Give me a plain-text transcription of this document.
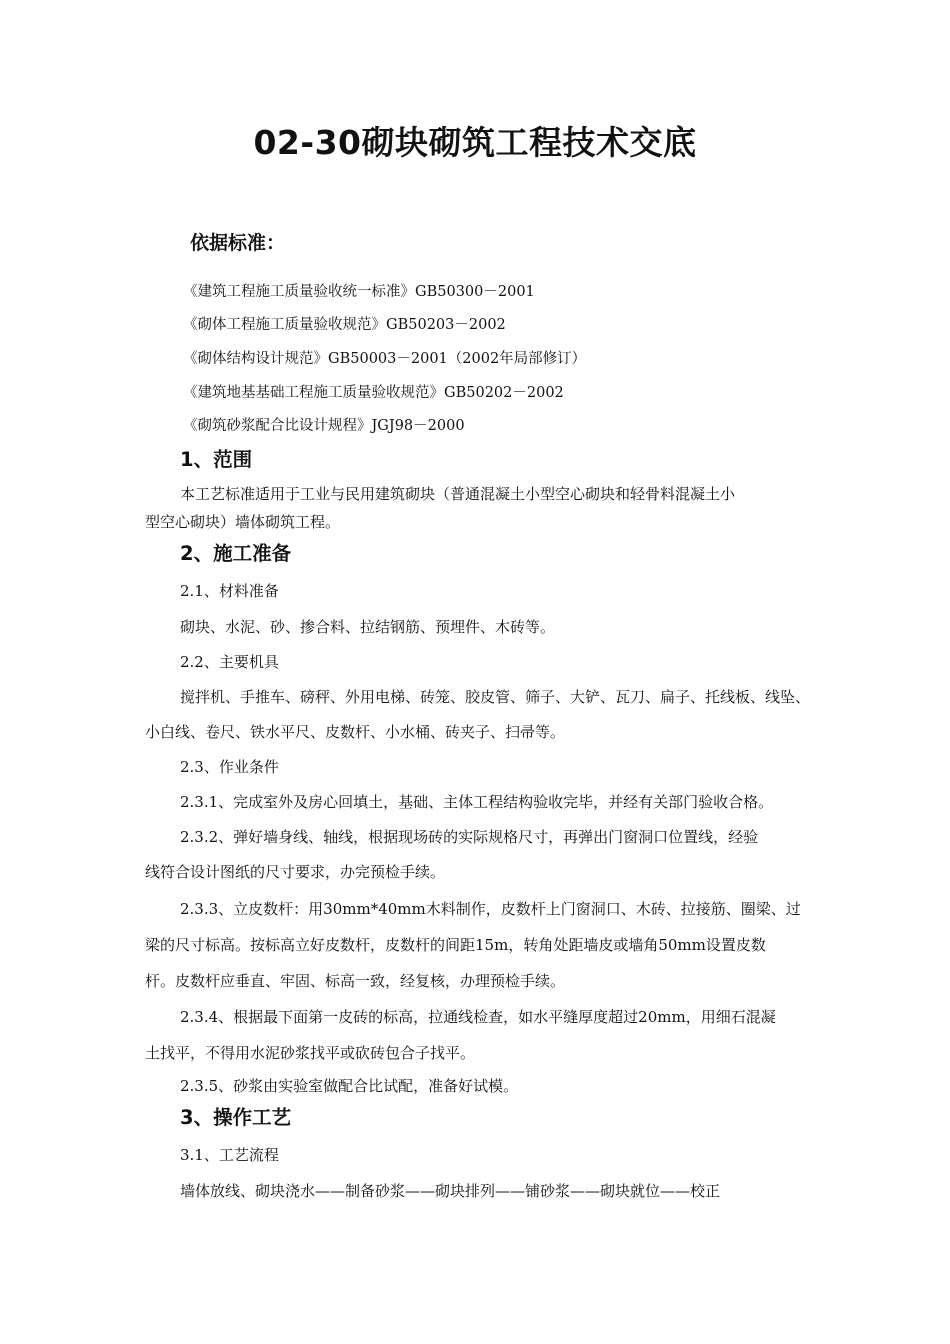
02-30砌块砌筑工程技术交底
依据标准：
《建筑工程施工质量验收统一标准》GB50300－2001
《砌体工程施工质量验收规范》GB50203－2002
《砌体结构设计规范》GB50003－2001（2002年局部修订）
《建筑地基基础工程施工质量验收规范》GB50202－2002
《砌筑砂浆配合比设计规程》JGJ98－2000
1、范围
本工艺标准适用于工业与民用建筑砌块（普通混凝土小型空心砌块和轻骨料混凝土小
型空心砌块）墙体砌筑工程。
2、施工准备
2.1、材料准备
砌块、水泥、砂、掺合料、拉结钢筋、预埋件、木砖等。
2.2、主要机具
搅拌机、手推车、磅秤、外用电梯、砖笼、胶皮管、筛子、大铲、瓦刀、扁子、托线板、线坠、
小白线、卷尺、铁水平尺、皮数杆、小水桶、砖夹子、扫帚等。
2.3、作业条件
2.3.1、完成室外及房心回填土，基础、主体工程结构验收完毕，并经有关部门验收合格。
2.3.2、弹好墙身线、轴线，根据现场砖的实际规格尺寸，再弹出门窗洞口位置线，经验
线符合设计图纸的尺寸要求，办完预检手续。
2.3.3、立皮数杆：用30mm*40mm木料制作，皮数杆上门窗洞口、木砖、拉接筋、圈梁、过
梁的尺寸标高。按标高立好皮数杆，皮数杆的间距15m，转角处距墙皮或墙角50mm设置皮数
杆。皮数杆应垂直、牢固、标高一致，经复核，办理预检手续。
2.3.4、根据最下面第一皮砖的标高，拉通线检查，如水平缝厚度超过20mm，用细石混凝
土找平，不得用水泥砂浆找平或砍砖包合子找平。
2.3.5、砂浆由实验室做配合比试配，准备好试模。
3、操作工艺
3.1、工艺流程
墙体放线、砌块浇水——制备砂浆——砌块排列——铺砂浆——砌块就位——校正
